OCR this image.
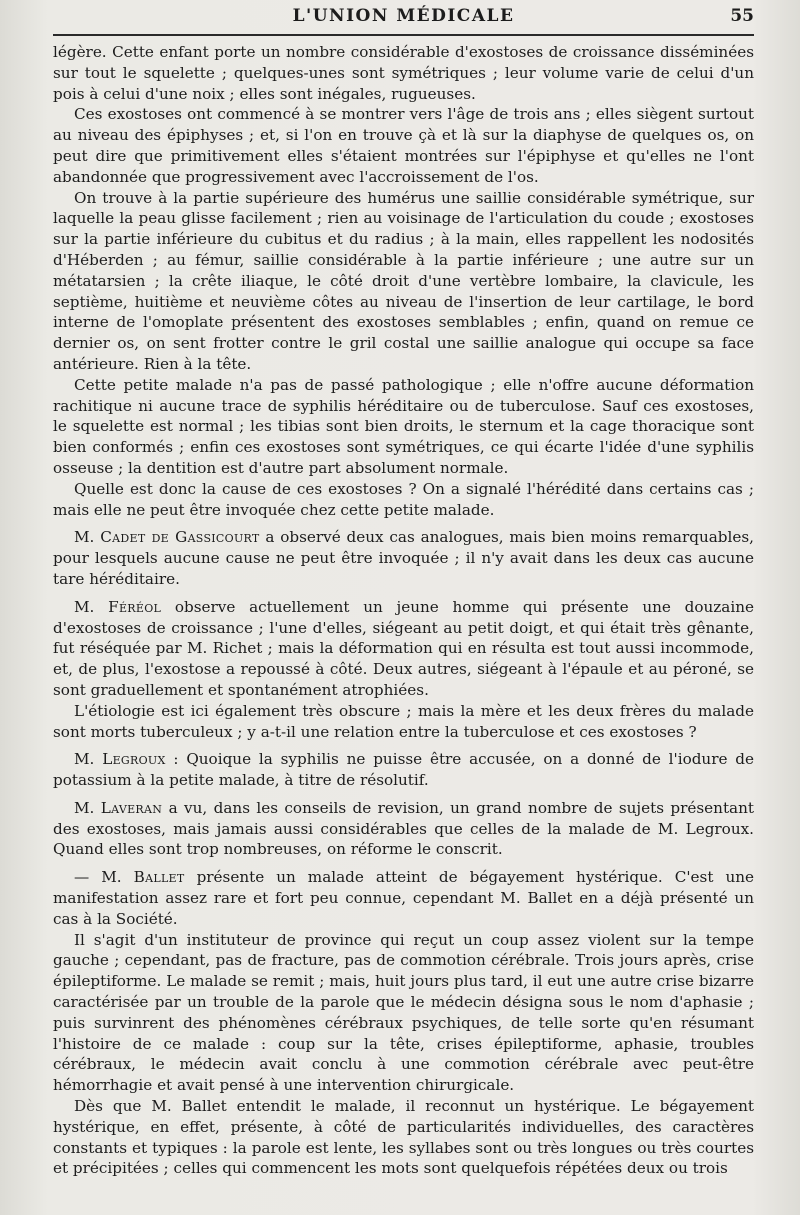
L'UNION MÉDICALE	55

légère. Cette enfant porte un nombre considérable d'exostoses de croissance disséminées sur tout le squelette ; quelques-unes sont symétriques ; leur volume varie de celui d'un pois à celui d'une noix ; elles sont inégales, rugueuses.

Ces exostoses ont commencé à se montrer vers l'âge de trois ans ; elles siègent surtout au niveau des épiphyses ; et, si l'on en trouve çà et là sur la diaphyse de quelques os, on peut dire que primitivement elles s'étaient montrées sur l'épiphyse et qu'elles ne l'ont abandonnée que progressivement avec l'accroissement de l'os.

On trouve à la partie supérieure des humérus une saillie considérable symétrique, sur laquelle la peau glisse facilement ; rien au voisinage de l'articulation du coude ; exostoses sur la partie inférieure du cubitus et du radius ; à la main, elles rappellent les nodosités d'Héberden ; au fémur, saillie considérable à la partie inférieure ; une autre sur un métatarsien ; la crête iliaque, le côté droit d'une vertèbre lombaire, la clavicule, les septième, huitième et neuvième côtes au niveau de l'insertion de leur cartilage, le bord interne de l'omoplate présentent des exostoses semblables ; enfin, quand on remue ce dernier os, on sent frotter contre le gril costal une saillie analogue qui occupe sa face antérieure. Rien à la tête.

Cette petite malade n'a pas de passé pathologique ; elle n'offre aucune déformation rachitique ni aucune trace de syphilis héréditaire ou de tuberculose. Sauf ces exostoses, le squelette est normal ; les tibias sont bien droits, le sternum et la cage thoracique sont bien conformés ; enfin ces exostoses sont symétriques, ce qui écarte l'idée d'une syphilis osseuse ; la dentition est d'autre part absolument normale.

Quelle est donc la cause de ces exostoses ? On a signalé l'hérédité dans certains cas ; mais elle ne peut être invoquée chez cette petite malade.

M. Cadet de Gassicourt a observé deux cas analogues, mais bien moins remarquables, pour lesquels aucune cause ne peut être invoquée ; il n'y avait dans les deux cas aucune tare héréditaire.

M. Féréol observe actuellement un jeune homme qui présente une douzaine d'exostoses de croissance ; l'une d'elles, siégeant au petit doigt, et qui était très gênante, fut réséquée par M. Richet ; mais la déformation qui en résulta est tout aussi incommode, et, de plus, l'exostose a repoussé à côté. Deux autres, siégeant à l'épaule et au péroné, se sont graduellement et spontanément atrophiées.

L'étiologie est ici également très obscure ; mais la mère et les deux frères du malade sont morts tuberculeux ; y a-t-il une relation entre la tuberculose et ces exostoses ?

M. Legroux : Quoique la syphilis ne puisse être accusée, on a donné de l'iodure de potassium à la petite malade, à titre de résolutif.

M. Laveran a vu, dans les conseils de revision, un grand nombre de sujets présentant des exostoses, mais jamais aussi considérables que celles de la malade de M. Legroux. Quand elles sont trop nombreuses, on réforme le conscrit.

— M. Ballet présente un malade atteint de bégayement hystérique. C'est une manifestation assez rare et fort peu connue, cependant M. Ballet en a déjà présenté un cas à la Société.

Il s'agit d'un instituteur de province qui reçut un coup assez violent sur la tempe gauche ; cependant, pas de fracture, pas de commotion cérébrale. Trois jours après, crise épileptiforme. Le malade se remit ; mais, huit jours plus tard, il eut une autre crise bizarre caractérisée par un trouble de la parole que le médecin désigna sous le nom d'aphasie ; puis survinrent des phénomènes cérébraux psychiques, de telle sorte qu'en résumant l'histoire de ce malade : coup sur la tête, crises épileptiforme, aphasie, troubles cérébraux, le médecin avait conclu à une commotion cérébrale avec peut-être hémorrhagie et avait pensé à une intervention chirurgicale.

Dès que M. Ballet entendit le malade, il reconnut un hystérique. Le bégayement hystérique, en effet, présente, à côté de particularités individuelles, des caractères constants et typiques : la parole est lente, les syllabes sont ou très longues ou très courtes et précipitées ; celles qui commencent les mots sont quelquefois répétées deux ou trois
